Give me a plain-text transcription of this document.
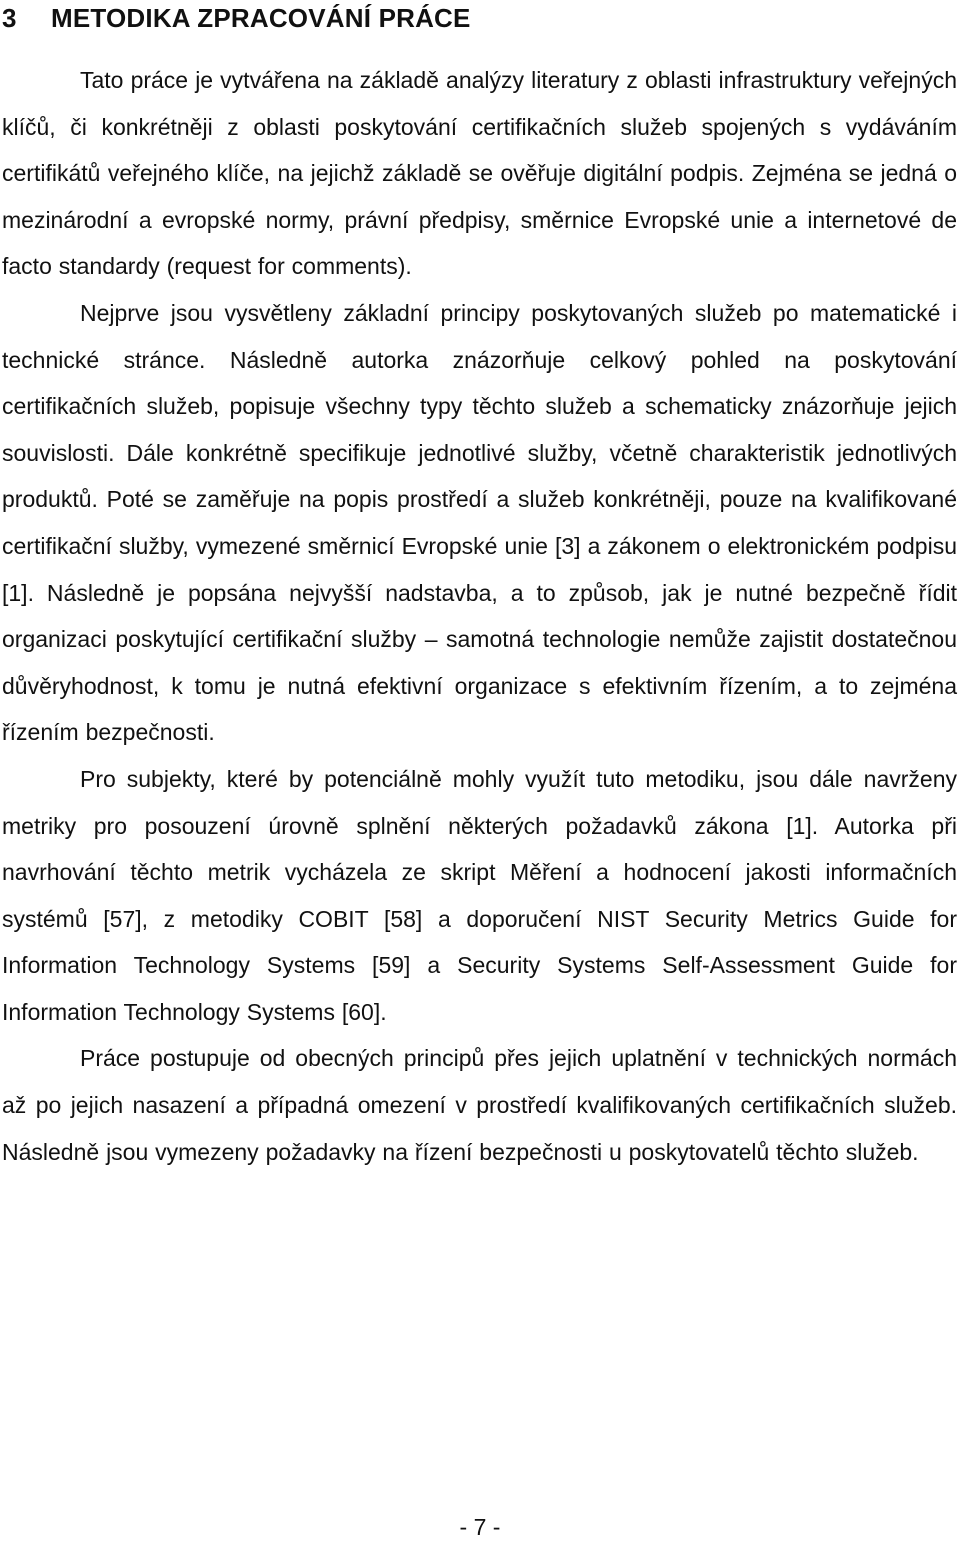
3 METODIKA ZPRACOVÁNÍ PRÁCE

Tato práce je vytvářena na základě analýzy literatury z oblasti infrastruktury veřejných klíčů, či konkrétněji z oblasti poskytování certifikačních služeb spojených s vydáváním certifikátů veřejného klíče, na jejichž základě se ověřuje digitální podpis. Zejména se jedná o mezinárodní a evropské normy, právní předpisy, směrnice Evropské unie a internetové de facto standardy (request for comments).

Nejprve jsou vysvětleny základní principy poskytovaných služeb po matematické i technické stránce. Následně autorka znázorňuje celkový pohled na poskytování certifikačních služeb, popisuje všechny typy těchto služeb a schematicky znázorňuje jejich souvislosti. Dále konkrétně specifikuje jednotlivé služby, včetně charakteristik jednotlivých produktů. Poté se zaměřuje na popis prostředí a služeb konkrétněji, pouze na kvalifikované certifikační služby, vymezené směrnicí Evropské unie [3] a zákonem o elektronickém podpisu [1]. Následně je popsána nejvyšší nadstavba, a to způsob, jak je nutné bezpečně řídit organizaci poskytující certifikační služby – samotná technologie nemůže zajistit dostatečnou důvěryhodnost, k tomu je nutná efektivní organizace s efektivním řízením, a to zejména řízením bezpečnosti.

Pro subjekty, které by potenciálně mohly využít tuto metodiku, jsou dále navrženy metriky pro posouzení úrovně splnění některých požadavků zákona [1]. Autorka při navrhování těchto metrik vycházela ze skript Měření a hodnocení jakosti informačních systémů [57], z metodiky COBIT [58] a doporučení NIST Security Metrics Guide for Information Technology Systems [59] a Security Systems Self-Assessment Guide for Information Technology Systems [60].

Práce postupuje od obecných principů přes jejich uplatnění v technických normách až po jejich nasazení a případná omezení v prostředí kvalifikovaných certifikačních služeb. Následně jsou vymezeny požadavky na řízení bezpečnosti u poskytovatelů těchto služeb.

- 7 -
